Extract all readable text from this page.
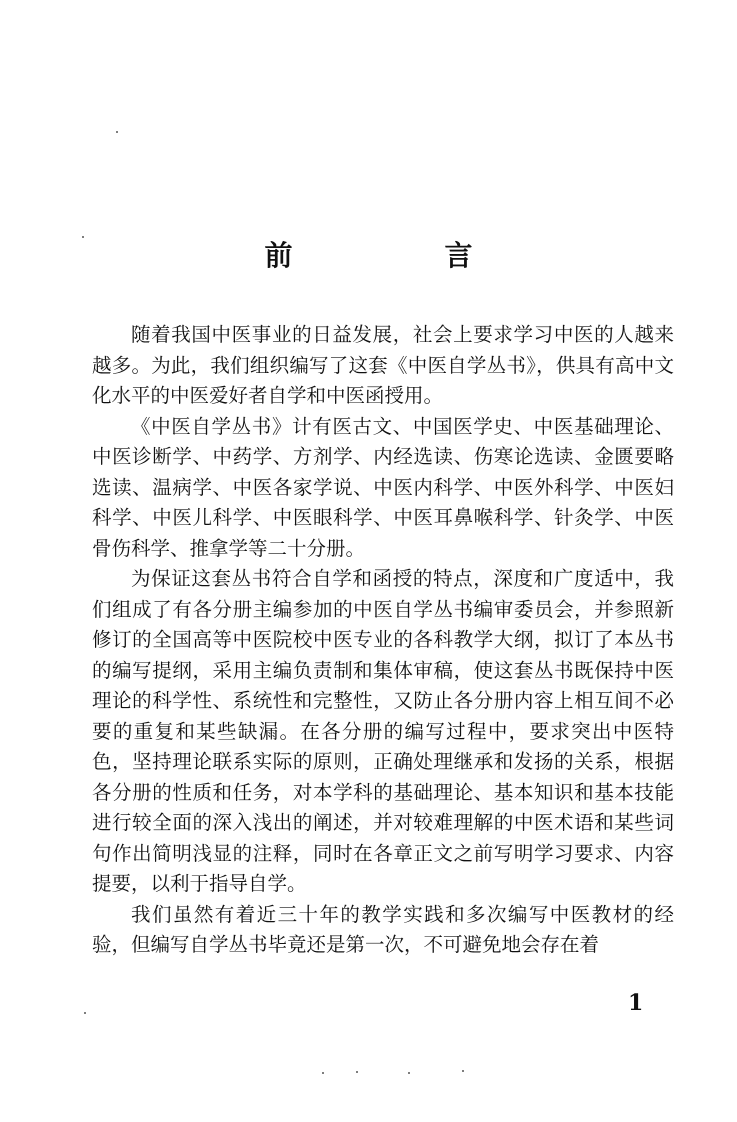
前　言

随着我国中医事业的日益发展，社会上要求学习中医的人越来越多。为此，我们组织编写了这套《中医自学丛书》，供具有高中文化水平的中医爱好者自学和中医函授用。

《中医自学丛书》计有医古文、中国医学史、中医基础理论、中医诊断学、中药学、方剂学、内经选读、伤寒论选读、金匮要略选读、温病学、中医各家学说、中医内科学、中医外科学、中医妇科学、中医儿科学、中医眼科学、中医耳鼻喉科学、针灸学、中医骨伤科学、推拿学等二十分册。

为保证这套丛书符合自学和函授的特点，深度和广度适中，我们组成了有各分册主编参加的中医自学丛书编审委员会，并参照新修订的全国高等中医院校中医专业的各科教学大纲，拟订了本丛书的编写提纲，采用主编负责制和集体审稿，使这套丛书既保持中医理论的科学性、系统性和完整性，又防止各分册内容上相互间不必要的重复和某些缺漏。在各分册的编写过程中，要求突出中医特色，坚持理论联系实际的原则，正确处理继承和发扬的关系，根据各分册的性质和任务，对本学科的基础理论、基本知识和基本技能进行较全面的深入浅出的阐述，并对较难理解的中医术语和某些词句作出简明浅显的注释，同时在各章正文之前写明学习要求、内容提要，以利于指导自学。

我们虽然有着近三十年的教学实践和多次编写中医教材的经验，但编写自学丛书毕竟还是第一次，不可避免地会存在着

1
